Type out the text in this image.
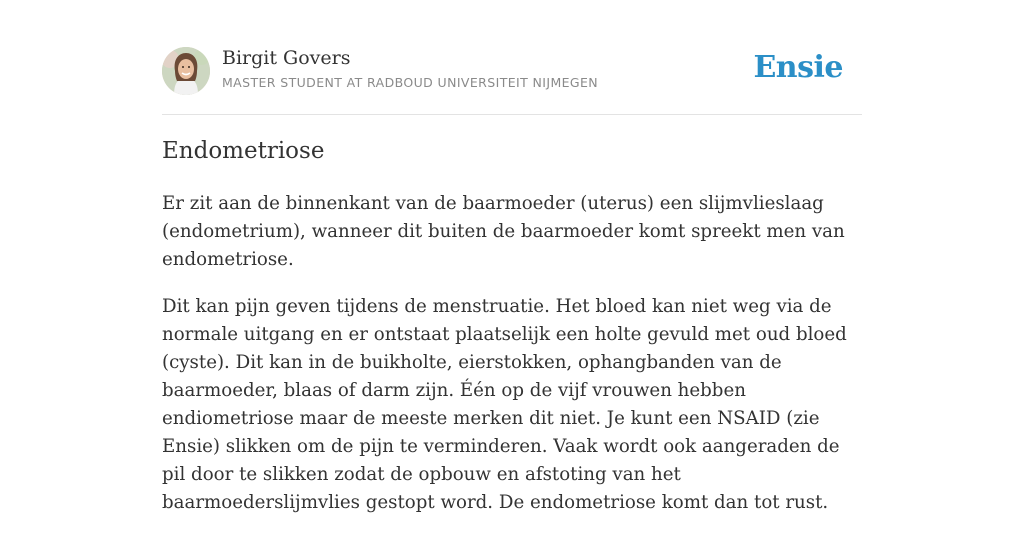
Birgit Govers
MASTER STUDENT AT RADBOUD UNIVERSITEIT NIJMEGEN	Ensie
Endometriose

Er zit aan de binnenkant van de baarmoeder (uterus) een slijmvlieslaag (endometrium), wanneer dit buiten de baarmoeder komt spreekt men van endometriose.

Dit kan pijn geven tijdens de menstruatie. Het bloed kan niet weg via de normale uitgang en er ontstaat plaatselijk een holte gevuld met oud bloed (cyste). Dit kan in de buikholte, eierstokken, ophangbanden van de baarmoeder, blaas of darm zijn. Één op de vijf vrouwen hebben endiometriose maar de meeste merken dit niet. Je kunt een NSAID (zie Ensie) slikken om de pijn te verminderen. Vaak wordt ook aangeraden de pil door te slikken zodat de opbouw en afstoting van het baarmoederslijmvlies gestopt word. De endometriose komt dan tot rust.
